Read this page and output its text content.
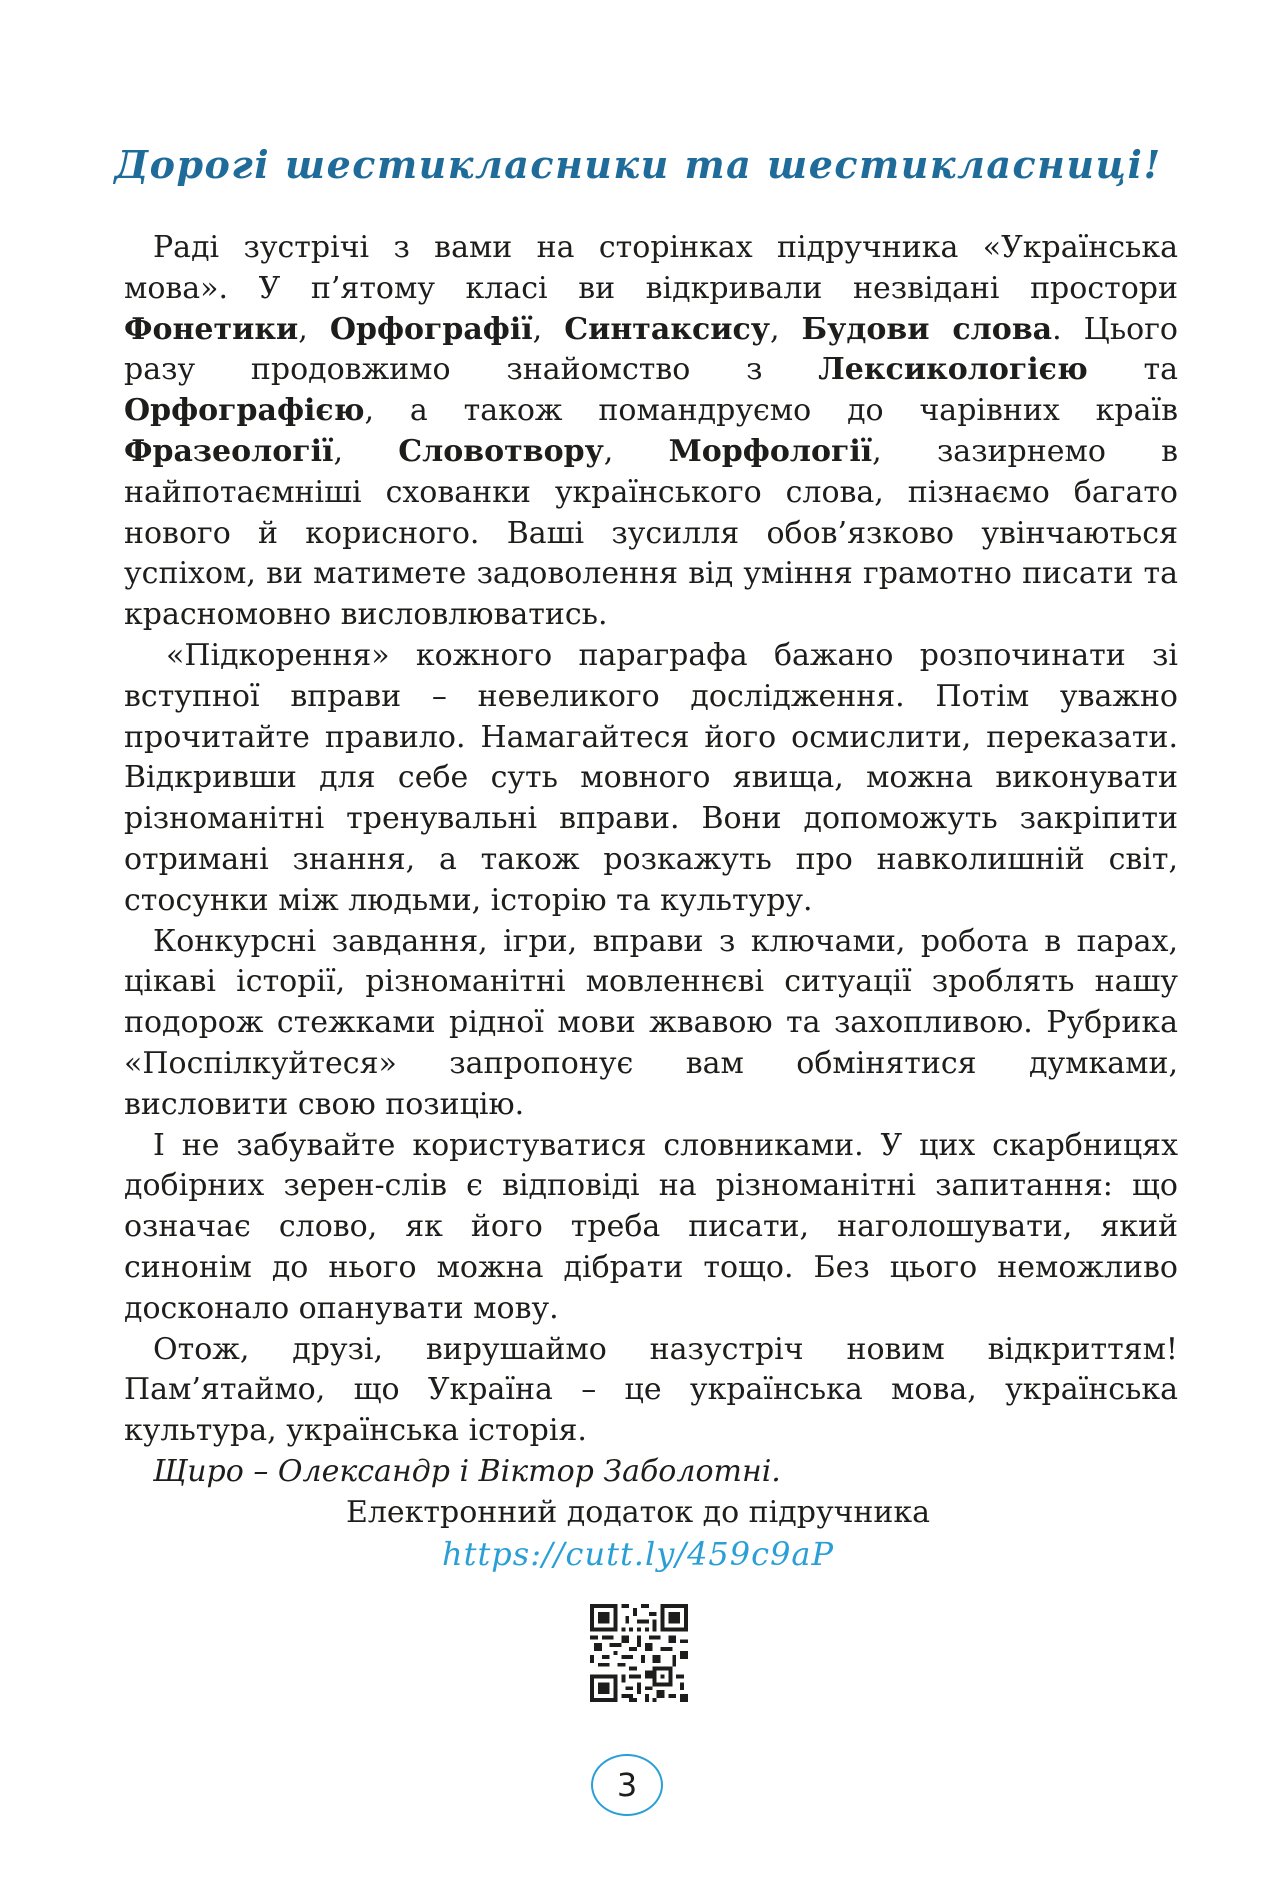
Дорогі шестикласники та шестикласниці!

Раді зустрічі з вами на сторінках підручника «Українська мова». У п’ятому класі ви відкривали незвідані простори Фонетики, Орфографії, Синтаксису, Будови слова. Цього разу продовжимо знайомство з Лексикологією та Орфографією, а також помандруємо до чарівних країв Фразеології, Словотвору, Морфології, зазирнемо в найпотаємніші схованки українського слова, пізнаємо багато нового й корисного. Ваші зусилля обов’язково увінчаються успіхом, ви матимете задоволення від уміння грамотно писати та красномовно висловлюватись.

«Підкорення» кожного параграфа бажано розпочинати зі вступної вправи – невеликого дослідження. Потім уважно прочитайте правило. Намагайтеся його осмислити, переказати. Відкривши для себе суть мовного явища, можна виконувати різноманітні тренувальні вправи. Вони допоможуть закріпити отримані знання, а також розкажуть про навколишній світ, стосунки між людьми, історію та культуру.

Конкурсні завдання, ігри, вправи з ключами, робота в парах, цікаві історії, різноманітні мовленнєві ситуації зроблять нашу подорож стежками рідної мови жвавою та захопливою. Рубрика «Поспілкуйтеся» запропонує вам обмінятися думками, висловити свою позицію.

І не забувайте користуватися словниками. У цих скарбницях добірних зерен-слів є відповіді на різноманітні запитання: що означає слово, як його треба писати, наголошувати, який синонім до нього можна дібрати тощо. Без цього неможливо досконало опанувати мову.

Отож, друзі, вирушаймо назустріч новим відкриттям! Пам’ятаймо, що Україна – це українська мова, українська культура, українська історія.

Щиро – Олександр і Віктор Заболотні.

Електронний додаток до підручника
https://cutt.ly/459c9aP
3
